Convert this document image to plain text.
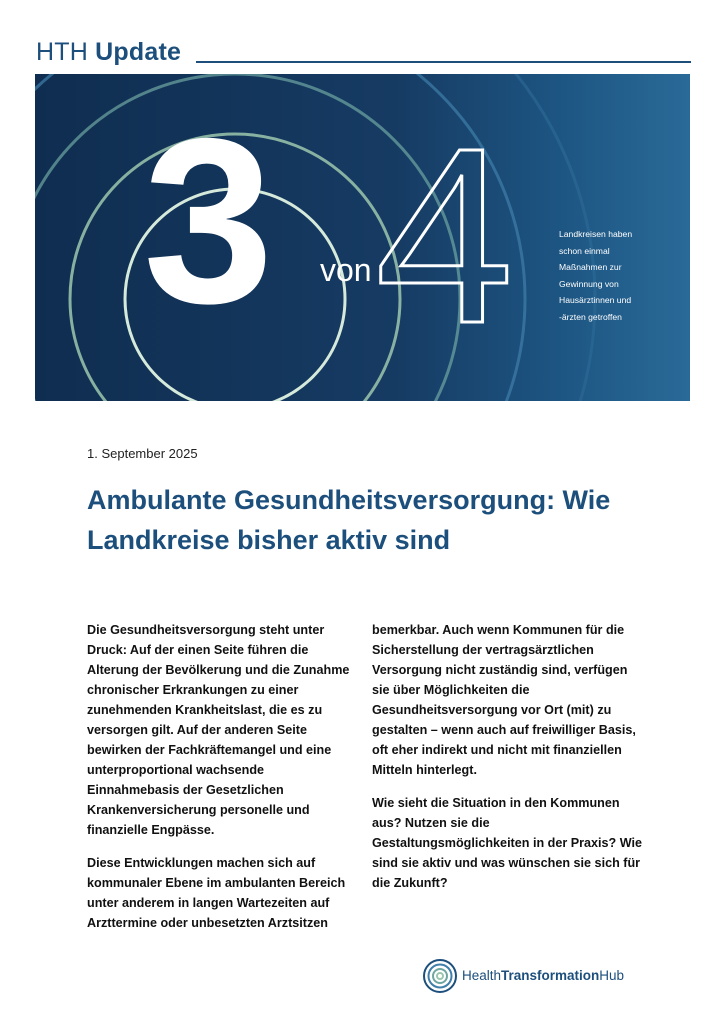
HTH Update
3 von 4	Landkreisen haben
schon einmal
Maßnahmen zur
Gewinnung von
Hausärztinnen und
-ärzten getroffen
1. September 2025
Ambulante Gesundheitsversorgung: Wie Landkreise bisher aktiv sind

Die Gesundheitsversorgung steht unter Druck: Auf der einen Seite führen die Alterung der Bevölkerung und die Zunahme chronischer Erkrankungen zu einer zunehmenden Krankheitslast, die es zu versorgen gilt. Auf der anderen Seite bewirken der Fachkräftemangel und eine unterproportional wachsende Einnahmebasis der Gesetzlichen Krankenversicherung personelle und finanzielle Engpässe.

Diese Entwicklungen machen sich auf kommunaler Ebene im ambulanten Bereich unter anderem in langen Wartezeiten auf Arzttermine oder unbesetzten Arztsitzen

bemerkbar. Auch wenn Kommunen für die Sicherstellung der vertragsärztlichen Versorgung nicht zuständig sind, verfügen sie über Möglichkeiten die Gesundheitsversorgung vor Ort (mit) zu gestalten – wenn auch auf freiwilliger Basis, oft eher indirekt und nicht mit finanziellen Mitteln hinterlegt.

Wie sieht die Situation in den Kommunen aus? Nutzen sie die Gestaltungsmöglichkeiten in der Praxis? Wie sind sie aktiv und was wünschen sie sich für die Zukunft?

HealthTransformationHub
